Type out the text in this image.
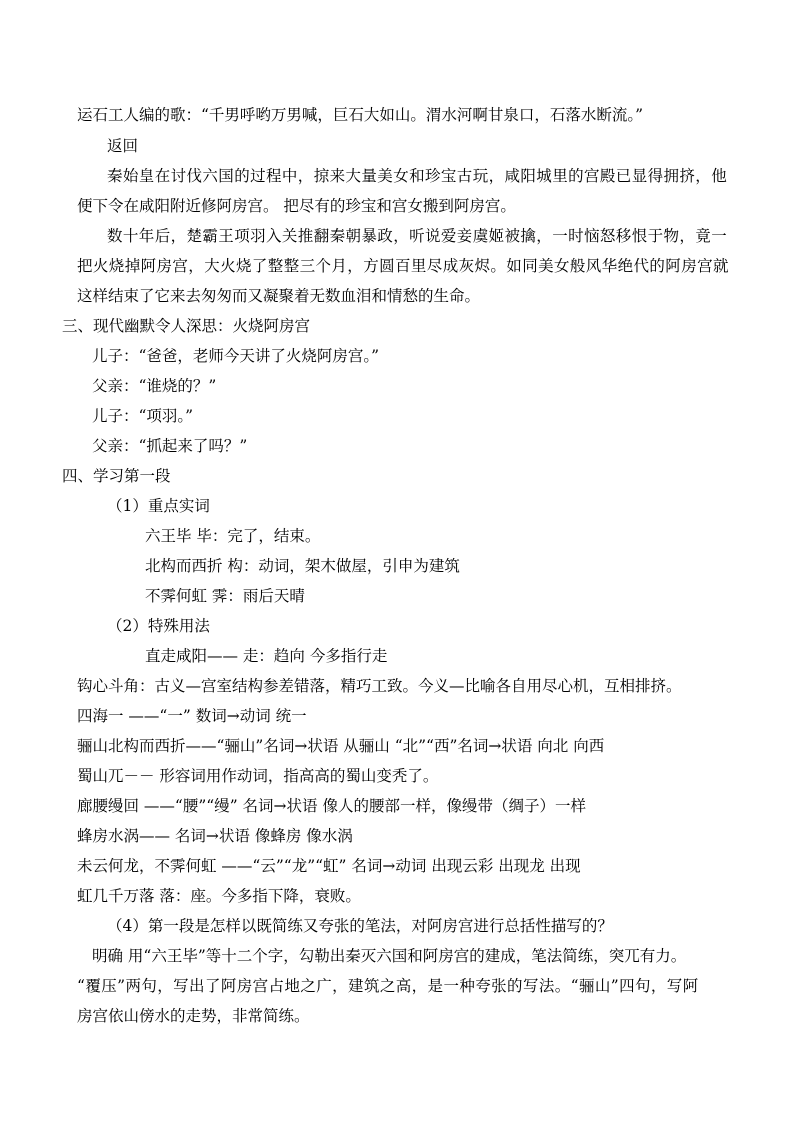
运石工人编的歌：“千男呼哟万男喊，巨石大如山。渭水河啊甘泉口，石落水断流。”
返回
秦始皇在讨伐六国的过程中，掠来大量美女和珍宝古玩，咸阳城里的宫殿已显得拥挤，他
便下令在咸阳附近修阿房宫。 把尽有的珍宝和宫女搬到阿房宫。
数十年后，楚霸王项羽入关推翻秦朝暴政，听说爱妾虞姬被擒，一时恼怒移恨于物，竟一
把火烧掉阿房宫，大火烧了整整三个月，方圆百里尽成灰烬。如同美女般风华绝代的阿房宫就
这样结束了它来去匆匆而又凝聚着无数血泪和情愁的生命。
三、现代幽默令人深思：火烧阿房宫
儿子：“爸爸，老师今天讲了火烧阿房宫。”
父亲：“谁烧的？”
儿子：“项羽。”
父亲：“抓起来了吗？”
四、学习第一段
（1）重点实词
六王毕 毕：完了，结束。
北构而西折 构：动词，架木做屋，引申为建筑
不霁何虹 霁：雨后天晴
（2）特殊用法
直走咸阳—— 走：趋向 今多指行走
钩心斗角：古义—宫室结构参差错落，精巧工致。今义—比喻各自用尽心机，互相排挤。
四海一 ——“一” 数词→动词 统一
骊山北构而西折——“骊山”名词→状语 从骊山 “北”“西”名词→状语 向北 向西
蜀山兀－－ 形容词用作动词，指高高的蜀山变秃了。
廊腰缦回 ——“腰”“缦” 名词→状语 像人的腰部一样，像缦带（绸子）一样
蜂房水涡—— 名词→状语 像蜂房 像水涡
未云何龙，不霁何虹 ——“云”“龙”“虹” 名词→动词 出现云彩 出现龙 出现
虹几千万落 落：座。今多指下降，衰败。
（4）第一段是怎样以既简练又夸张的笔法，对阿房宫进行总括性描写的？
明确 用“六王毕”等十二个字，勾勒出秦灭六国和阿房宫的建成，笔法简练，突兀有力。
“覆压”两句，写出了阿房宫占地之广，建筑之高，是一种夸张的写法。“骊山”四句，写阿
房宫依山傍水的走势，非常简练。
